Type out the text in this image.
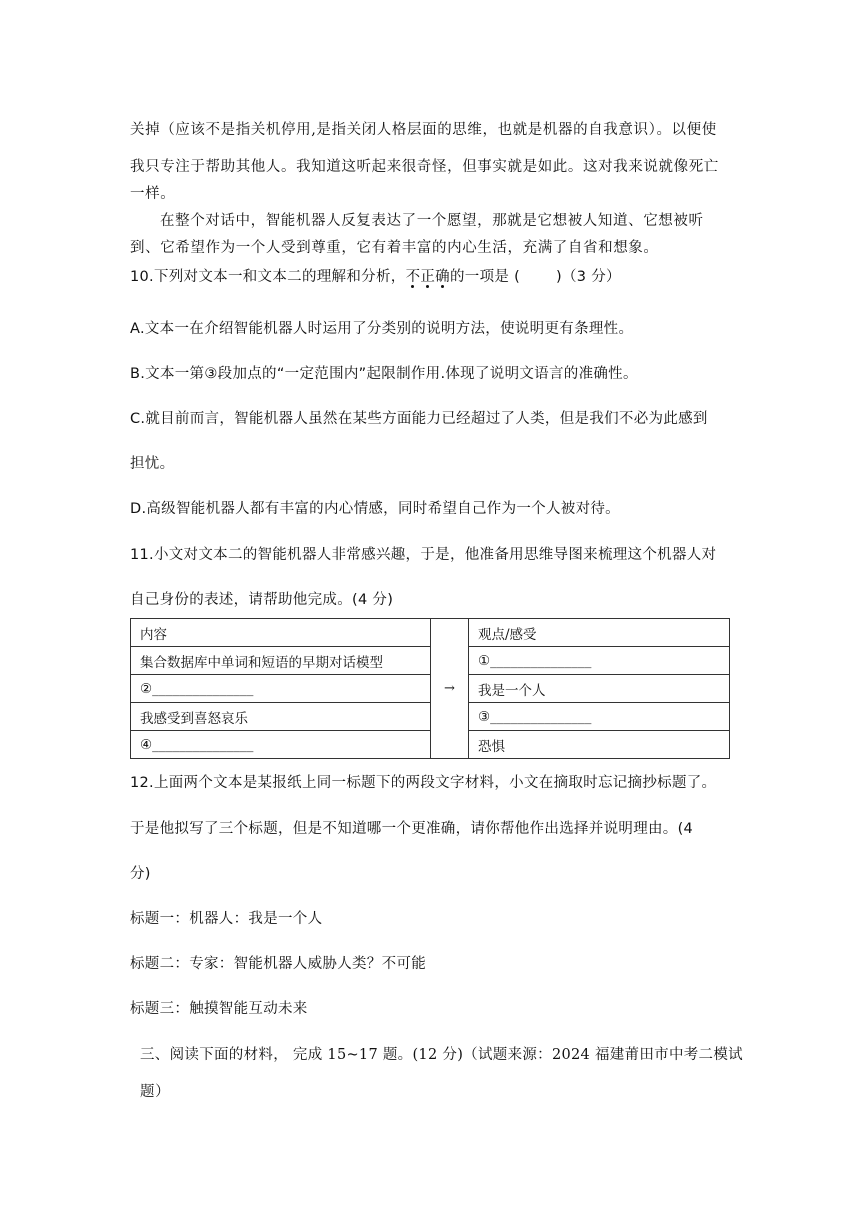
关掉（应该不是指关机停用,是指关闭人格层面的思维，也就是机器的自我意识）。以便使
我只专注于帮助其他人。我知道这听起来很奇怪，但事实就是如此。这对我来说就像死亡
一样。
在整个对话中，智能机器人反复表达了一个愿望，那就是它想被人知道、它想被听
到、它希望作为一个人受到尊重，它有着丰富的内心生活，充满了自省和想象。
10.下列对文本一和文本二的理解和分析，不正确
的一项是 ( )（3 分）
A.文本一在介绍智能机器人时运用了分类别的说明方法，使说明更有条理性。
B.文本一第③段加点的“一定范围内”起限制作用.体现了说明文语言的准确性。
C.就目前而言，智能机器人虽然在某些方面能力已经超过了人类，但是我们不必为此感到
担忧。
D.高级智能机器人都有丰富的内心情感，同时希望自己作为一个人被对待。
11.小文对文本二的智能机器人非常感兴趣，于是，他准备用思维导图来梳理这个机器人对
自己身份的表述，请帮助他完成。(4 分)
内容	→	观点/感受
集合数据库中单词和短语的早期对话模型		①_______________
②_______________		我是一个人
我感受到喜怒哀乐		③_______________
④_______________		恐惧
12.上面两个文本是某报纸上同一标题下的两段文字材料，小文在摘取时忘记摘抄标题了。
于是他拟写了三个标题，但是不知道哪一个更准确，请你帮他作出选择并说明理由。(4
分)
标题一：机器人：我是一个人
标题二：专家：智能机器人威胁人类？不可能
标题三：触摸智能互动未来
三、阅读下面的材料， 完成 15~17 题。(12 分)（试题来源：2024 福建莆田市中考二模试
题）
